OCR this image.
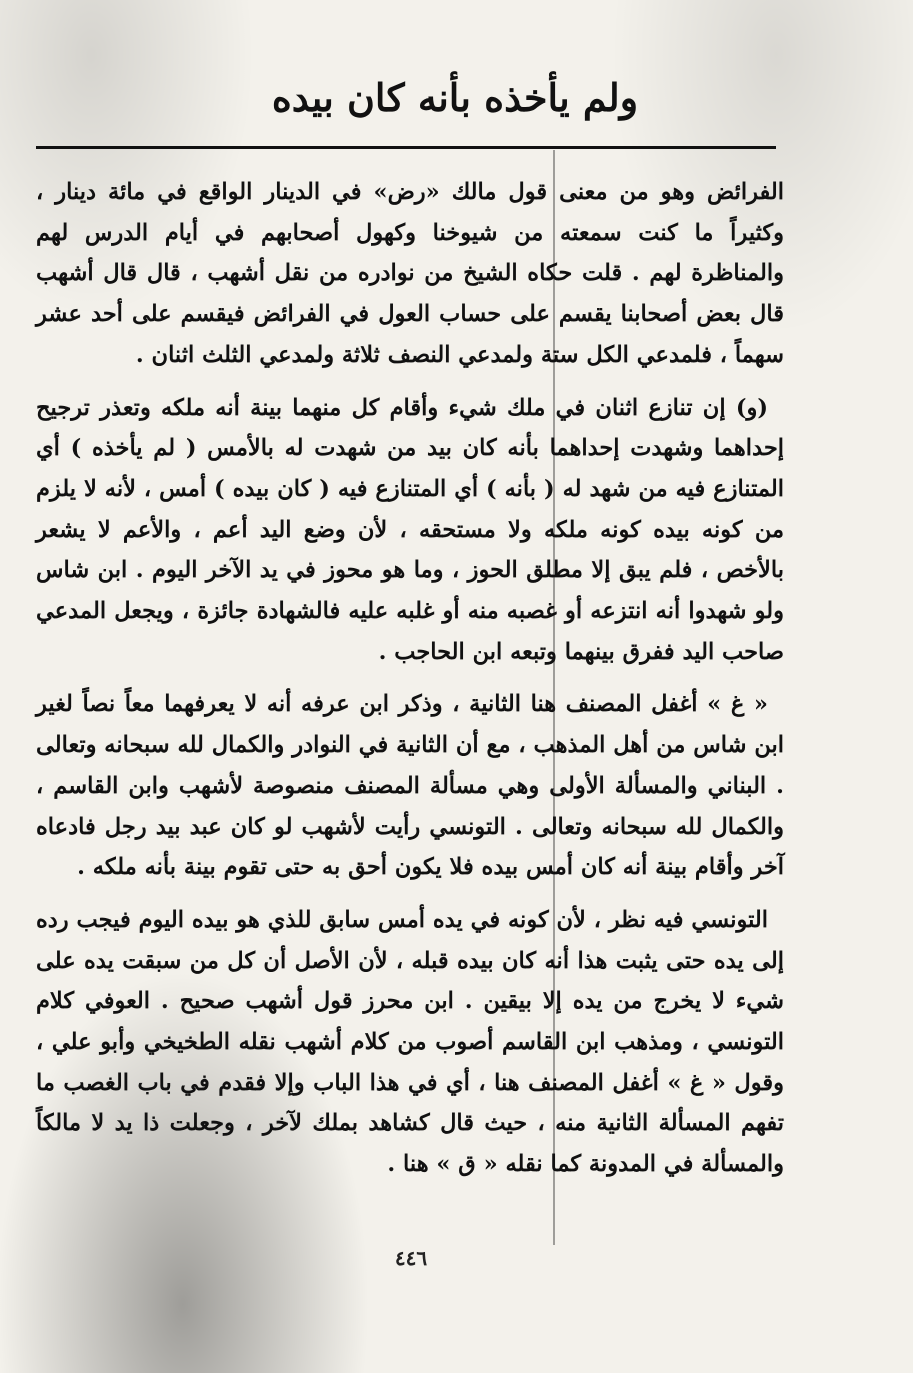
ولم يأخذه بأنه كان بيده

الفرائض وهو من معنى قول مالك «رض» في الدينار الواقع في مائة دينار ، وكثيراً ما كنت سمعته من شيوخنا وكهول أصحابهم في أيام الدرس لهم والمناظرة لهم . قلت حكاه الشيخ من نوادره من نقل أشهب ، قال قال أشهب قال بعض أصحابنا يقسم على حساب العول في الفرائض فيقسم على أحد عشر سهماً ، فلمدعي الكل ستة ولمدعي النصف ثلاثة ولمدعي الثلث اثنان .

(و) إن تنازع اثنان في ملك شيء وأقام كل منهما بينة أنه ملكه وتعذر ترجيح إحداهما وشهدت إحداهما بأنه كان بيد من شهدت له بالأمس ( لم يأخذه ) أي المتنازع فيه من شهد له ( بأنه ) أي المتنازع فيه ( كان بيده ) أمس ، لأنه لا يلزم من كونه بيده كونه ملكه ولا مستحقه ، لأن وضع اليد أعم ، والأعم لا يشعر بالأخص ، فلم يبق إلا مطلق الحوز ، وما هو محوز في يد الآخر اليوم . ابن شاس ولو شهدوا أنه انتزعه أو غصبه منه أو غلبه عليه فالشهادة جائزة ، ويجعل المدعي صاحب اليد ففرق بينهما وتبعه ابن الحاجب .

« غ » أغفل المصنف هنا الثانية ، وذكر ابن عرفه أنه لا يعرفهما معاً نصاً لغير ابن شاس من أهل المذهب ، مع أن الثانية في النوادر والكمال لله سبحانه وتعالى . البناني والمسألة الأولى وهي مسألة المصنف منصوصة لأشهب وابن القاسم ، والكمال لله سبحانه وتعالى . التونسي رأيت لأشهب لو كان عبد بيد رجل فادعاه آخر وأقام بينة أنه كان أمس بيده فلا يكون أحق به حتى تقوم بينة بأنه ملكه .

التونسي فيه نظر ، لأن كونه في يده أمس سابق للذي هو بيده اليوم فيجب رده إلى يده حتى يثبت هذا أنه كان بيده قبله ، لأن الأصل أن كل من سبقت يده على شيء لا يخرج من يده إلا بيقين . ابن محرز قول أشهب صحيح . العوفي كلام التونسي ، ومذهب ابن القاسم أصوب من كلام أشهب نقله الطخيخي وأبو علي ، وقول « غ » أغفل المصنف هنا ، أي في هذا الباب وإلا فقدم في باب الغصب ما تفهم المسألة الثانية منه ، حيث قال كشاهد بملك لآخر ، وجعلت ذا يد لا مالكاً والمسألة في المدونة كما نقله « ق » هنا .

٤٤٦
